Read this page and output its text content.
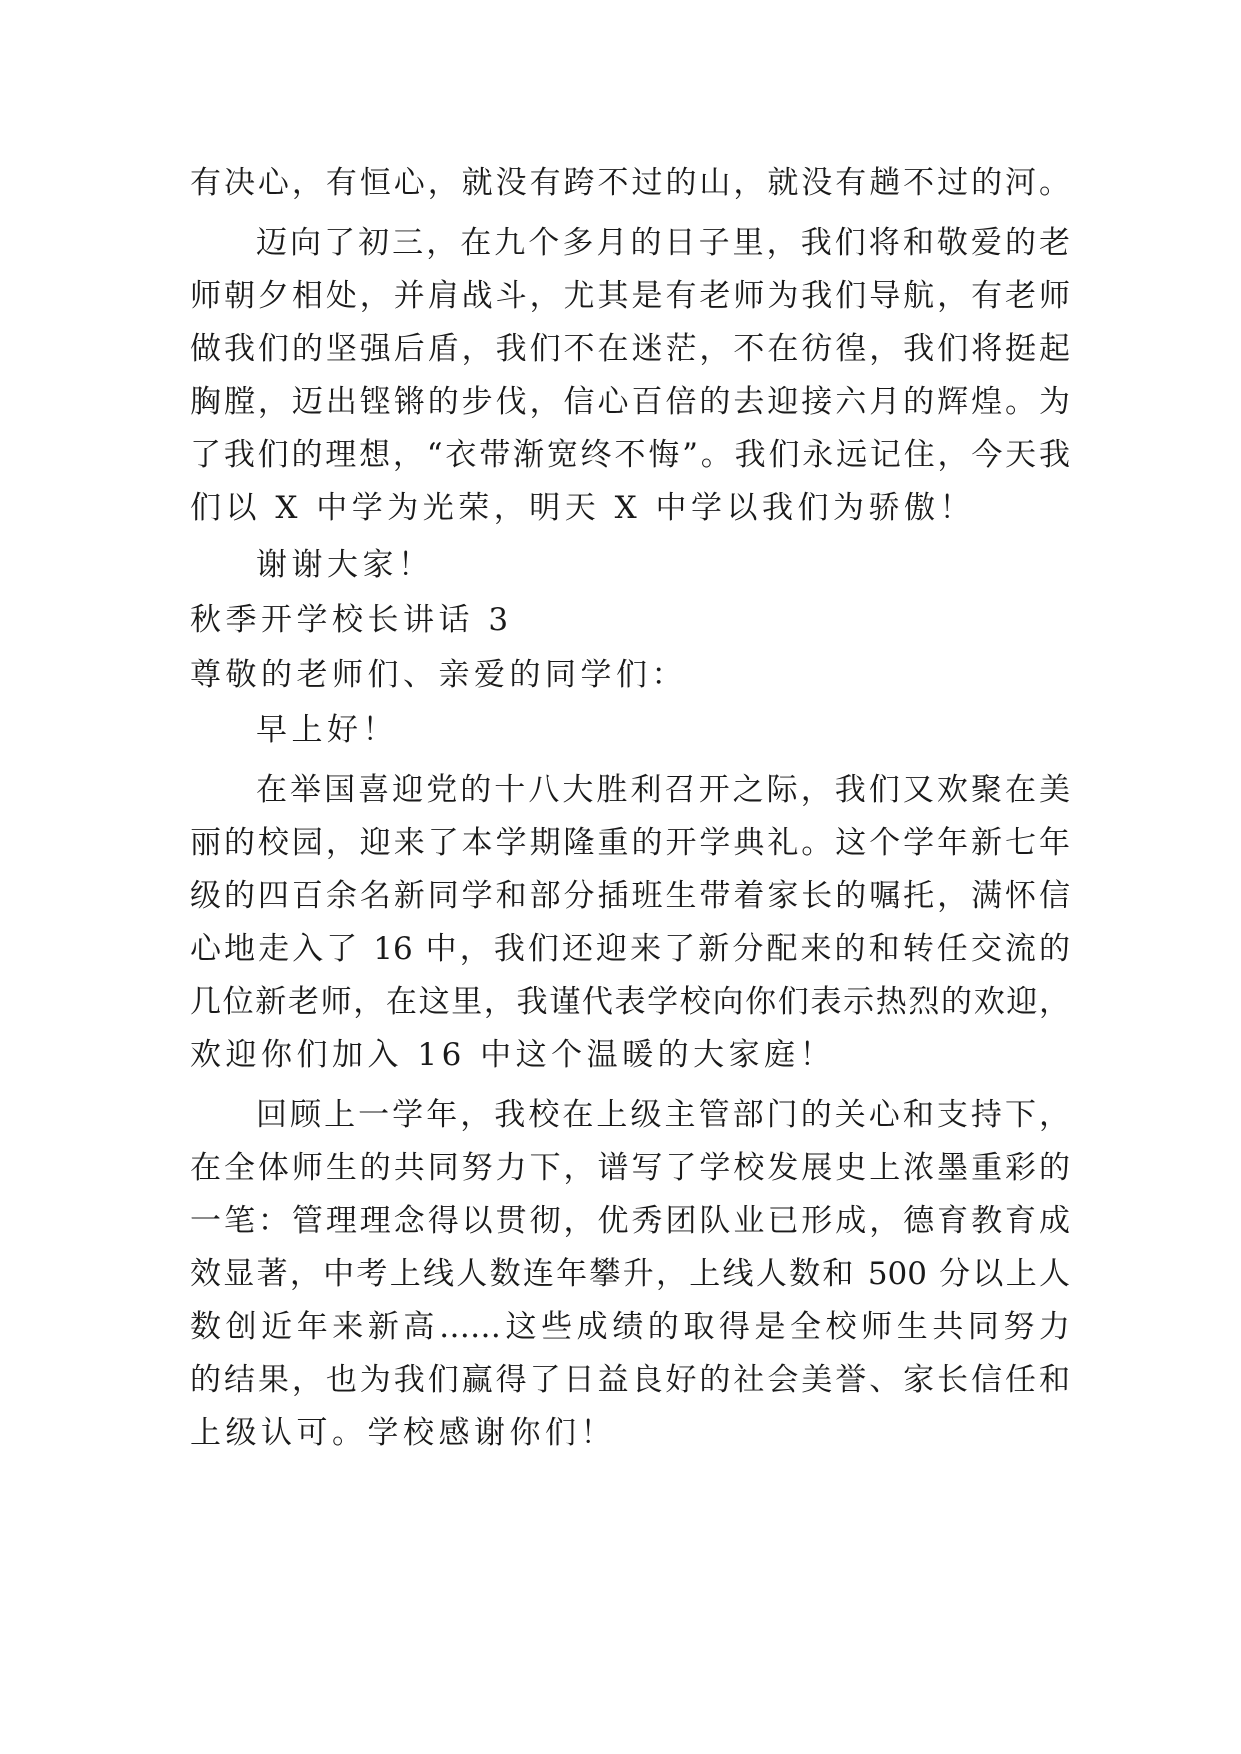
有决心，有恒心，就没有跨不过的山，就没有趟不过的河。
迈向了初三，在九个多月的日子里，我们将和敬爱的老
师朝夕相处，并肩战斗，尤其是有老师为我们导航，有老师
做我们的坚强后盾，我们不在迷茫，不在彷徨，我们将挺起
胸膛，迈出铿锵的步伐，信心百倍的去迎接六月的辉煌。为
了我们的理想，“衣带渐宽终不悔”。我们永远记住，今天我
们以 X 中学为光荣，明天 X 中学以我们为骄傲！
谢谢大家！
秋季开学校长讲话 3
尊敬的老师们、亲爱的同学们：
早上好！
在举国喜迎党的十八大胜利召开之际，我们又欢聚在美
丽的校园，迎来了本学期隆重的开学典礼。这个学年新七年
级的四百余名新同学和部分插班生带着家长的嘱托，满怀信
心地走入了 16 中，我们还迎来了新分配来的和转任交流的
几位新老师，在这里，我谨代表学校向你们表示热烈的欢迎，
欢迎你们加入 16 中这个温暖的大家庭！
回顾上一学年，我校在上级主管部门的关心和支持下，
在全体师生的共同努力下，谱写了学校发展史上浓墨重彩的
一笔：管理理念得以贯彻，优秀团队业已形成，德育教育成
效显著，中考上线人数连年攀升，上线人数和 500 分以上人
数创近年来新高……这些成绩的取得是全校师生共同努力
的结果，也为我们赢得了日益良好的社会美誉、家长信任和
上级认可。学校感谢你们！
